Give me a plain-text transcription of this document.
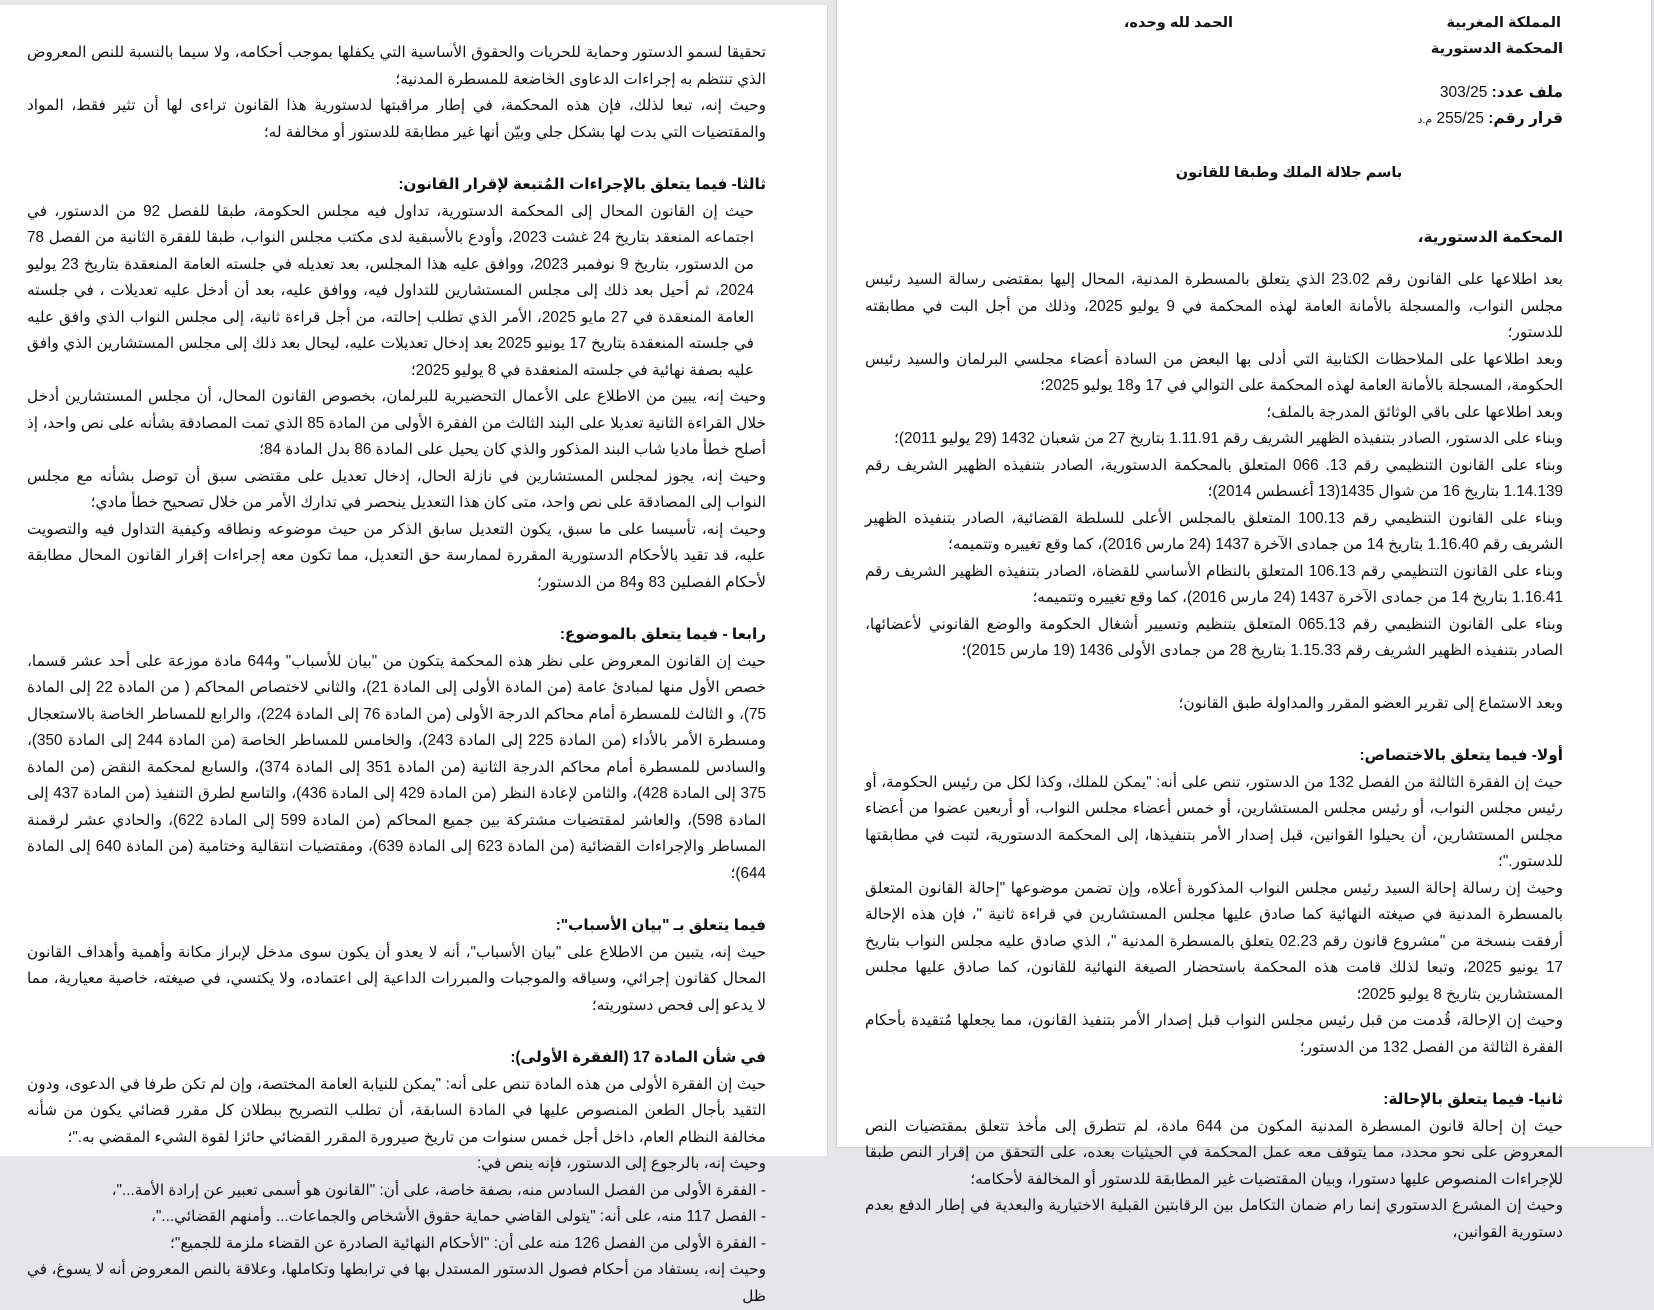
تحقيقا لسمو الدستور وحماية للحريات والحقوق الأساسية التي يكفلها بموجب أحكامه، ولا سيما بالنسبة للنص المعروض الذي تنتظم به إجراءات الدعاوى الخاضعة للمسطرة المدنية؛

وحيث إنه، تبعا لذلك، فإن هذه المحكمة، في إطار مراقبتها لدستورية هذا القانون تراءى لها أن تثير فقط، المواد والمقتضيات التي بدت لها بشكل جلي وبيّن أنها غير مطابقة للدستور أو مخالفة له؛

ثالثا- فيما يتعلق بالإجراءات المُتبعة لإقرار القانون:

حيث إن القانون المحال إلى المحكمة الدستورية، تداول فيه مجلس الحكومة، طبقا للفصل 92 من الدستور، في اجتماعه المنعقد بتاريخ 24 غشت 2023، وأودع بالأسبقية لدى مكتب مجلس النواب، طبقا للفقرة الثانية من الفصل 78 من الدستور، بتاريخ 9 نوفمبر 2023، ووافق عليه هذا المجلس، بعد تعديله في جلسته العامة المنعقدة بتاريخ 23 يوليو 2024، ثم أحيل بعد ذلك إلى مجلس المستشارين للتداول فيه، ووافق عليه، بعد أن أدخل عليه تعديلات ، في جلسته العامة المنعقدة في 27 مايو 2025، الأمر الذي تطلب إحالته، من أجل قراءة ثانية، إلى مجلس النواب الذي وافق عليه في جلسته المنعقدة بتاريخ 17 يونيو 2025 بعد إدخال تعديلات عليه، ليحال بعد ذلك إلى مجلس المستشارين الذي وافق عليه بصفة نهائية في جلسته المنعقدة في 8 يوليو 2025؛

وحيث إنه، يبين من الاطلاع على الأعمال التحضيرية للبرلمان، بخصوص القانون المحال، أن مجلس المستشارين أدخل خلال القراءة الثانية تعديلا على البند الثالث من الفقرة الأولى من المادة 85 الذي تمت المصادقة بشأنه على نص واحد، إذ أصلح خطأ ماديا شاب البند المذكور والذي كان يحيل على المادة 86 بدل المادة 84؛

وحيث إنه، يجوز لمجلس المستشارين في نازلة الحال، إدخال تعديل على مقتضى سبق أن توصل بشأنه مع مجلس النواب إلى المصادقة على نص واحد، متى كان هذا التعديل ينحصر في تدارك الأمر من خلال تصحيح خطأ مادي؛

وحيث إنه، تأسيسا على ما سبق، يكون التعديل سابق الذكر من حيث موضوعه ونطاقه وكيفية التداول فيه والتصويت عليه، قد تقيد بالأحكام الدستورية المقررة لممارسة حق التعديل، مما تكون معه إجراءات إقرار القانون المحال مطابقة لأحكام الفصلين 83 و84 من الدستور؛

رابعا - فيما يتعلق بالموضوع:

حيث إن القانون المعروض على نظر هذه المحكمة يتكون من "بيان للأسباب" و644 مادة موزعة على أحد عشر قسما، خصص الأول منها لمبادئ عامة (من المادة الأولى إلى المادة 21)، والثاني لاختصاص المحاكم ( من المادة 22 إلى المادة 75)، و الثالث للمسطرة أمام محاكم الدرجة الأولى (من المادة 76 إلى المادة 224)، والرابع للمساطر الخاصة بالاستعجال ومسطرة الأمر بالأداء (من المادة 225 إلى المادة 243)، والخامس للمساطر الخاصة (من المادة 244 إلى المادة 350)، والسادس للمسطرة أمام محاكم الدرجة الثانية (من المادة 351 إلى المادة 374)، والسابع لمحكمة النقض (من المادة 375 إلى المادة 428)، والثامن لإعادة النظر (من المادة 429 إلى المادة 436)، والتاسع لطرق التنفيذ (من المادة 437 إلى المادة 598)، والعاشر لمقتضيات مشتركة بين جميع المحاكم (من المادة 599 إلى المادة 622)، والحادي عشر لرقمنة المساطر والإجراءات القضائية (من المادة 623 إلى المادة 639)، ومقتضيات انتقالية وختامية (من المادة 640 إلى المادة 644)؛

فيما يتعلق بـ "بيان الأسباب":

حيث إنه، يتبين من الاطلاع على "بيان الأسباب"، أنه لا يعدو أن يكون سوى مدخل لإبراز مكانة وأهمية وأهداف القانون المحال كقانون إجرائي، وسياقه والموجبات والمبررات الداعية إلى اعتماده، ولا يكتسي، في صيغته، خاصية معيارية، مما لا يدعو إلى فحص دستوريته؛

في شأن المادة 17 (الفقرة الأولى):

حيث إن الفقرة الأولى من هذه المادة تنص على أنه: "يمكن للنيابة العامة المختصة، وإن لم تكن طرفا في الدعوى، ودون التقيد بأجال الطعن المنصوص عليها في المادة السابقة، أن تطلب التصريح ببطلان كل مقرر قضائي يكون من شأنه مخالفة النظام العام، داخل أجل خمس سنوات من تاريخ صيرورة المقرر القضائي حائزا لقوة الشيء المقضي به."؛

وحيث إنه، بالرجوع إلى الدستور، فإنه ينص في:

- الفقرة الأولى من الفصل السادس منه، بصفة خاصة، على أن: "القانون هو أسمى تعبير عن إرادة الأمة..."،

- الفصل 117 منه، على أنه: "يتولى القاضي حماية حقوق الأشخاص والجماعات... وأمنهم القضائي..."،

- الفقرة الأولى من الفصل 126 منه على أن: "الأحكام النهائية الصادرة عن القضاء ملزمة للجميع"؛

وحيث إنه، يستفاد من أحكام فصول الدستور المستدل بها في ترابطها وتكاملها، وعلاقة بالنص المعروض أنه لا يسوغ، في ظل

المملكة المغربية
المحكمة الدستورية
الحمد لله وحده،
ملف عدد: 303/25
قرار رقم: 255/25 م.د

باسم جلالة الملك وطبقا للقانون

المحكمة الدستورية،

بعد اطلاعها على القانون رقم 23.02 الذي يتعلق بالمسطرة المدنية، المحال إليها بمقتضى رسالة السيد رئيس مجلس النواب، والمسجلة بالأمانة العامة لهذه المحكمة في 9 يوليو 2025، وذلك من أجل البت في مطابقته للدستور؛

وبعد اطلاعها على الملاحظات الكتابية التي أدلى بها البعض من السادة أعضاء مجلسي البرلمان والسيد رئيس الحكومة، المسجلة بالأمانة العامة لهذه المحكمة على التوالي في 17 و18 يوليو 2025؛

وبعد اطلاعها على باقي الوثائق المدرجة بالملف؛

وبناء على الدستور، الصادر بتنفيذه الظهير الشريف رقم 1.11.91 بتاريخ 27 من شعبان 1432 (29 يوليو 2011)؛

وبناء على القانون التنظيمي رقم 13. 066 المتعلق بالمحكمة الدستورية، الصادر بتنفيذه الظهير الشريف رقم 1.14.139 بتاريخ 16 من شوال 1435(13 أغسطس 2014)؛

وبناء على القانون التنظيمي رقم 100.13 المتعلق بالمجلس الأعلى للسلطة القضائية، الصادر بتنفيذه الظهير الشريف رقم 1.16.40 بتاريخ 14 من جمادى الآخرة 1437 (24 مارس 2016)، كما وقع تغييره وتتميمه؛

وبناء على القانون التنظيمي رقم 106.13 المتعلق بالنظام الأساسي للقضاة، الصادر بتنفيذه الظهير الشريف رقم 1.16.41 بتاريخ 14 من جمادى الآخرة 1437 (24 مارس 2016)، كما وقع تغييره وتتميمه؛

وبناء على القانون التنظيمي رقم 065.13 المتعلق بتنظيم وتسيير أشغال الحكومة والوضع القانوني لأعضائها، الصادر بتنفيذه الظهير الشريف رقم 1.15.33 بتاريخ 28 من جمادى الأولى 1436 (19 مارس 2015)؛

وبعد الاستماع إلى تقرير العضو المقرر والمداولة طبق القانون؛

أولا- فيما يتعلق بالاختصاص:

حيث إن الفقرة الثالثة من الفصل 132 من الدستور، تنص على أنه: "يمكن للملك، وكذا لكل من رئيس الحكومة، أو رئيس مجلس النواب، أو رئيس مجلس المستشارين، أو خمس أعضاء مجلس النواب، أو أربعين عضوا من أعضاء مجلس المستشارين، أن يحيلوا القوانين، قبل إصدار الأمر بتنفيذها، إلى المحكمة الدستورية، لتبت في مطابقتها للدستور."؛

وحيث إن رسالة إحالة السيد رئيس مجلس النواب المذكورة أعلاه، وإن تضمن موضوعها "إحالة القانون المتعلق بالمسطرة المدنية في صيغته النهائية كما صادق عليها مجلس المستشارين في قراءة ثانية "، فإن هذه الإحالة أرفقت بنسخة من "مشروع قانون رقم 02.23 يتعلق بالمسطرة المدنية "، الذي صادق عليه مجلس النواب بتاريخ 17 يونيو 2025، وتبعا لذلك قامت هذه المحكمة باستحضار الصيغة النهائية للقانون، كما صادق عليها مجلس المستشارين بتاريخ 8 يوليو 2025؛

وحيث إن الإحالة، قُدمت من قبل رئيس مجلس النواب قبل إصدار الأمر بتنفيذ القانون، مما يجعلها مُتقيدة بأحكام الفقرة الثالثة من الفصل 132 من الدستور؛

ثانيا- فيما يتعلق بالإحالة:

حيث إن إحالة قانون المسطرة المدنية المكون من 644 مادة، لم تتطرق إلى مأخذ تتعلق بمقتضيات النص المعروض على نحو محدد، مما يتوقف معه عمل المحكمة في الحيثيات بعده، على التحقق من إقرار النص طبقا للإجراءات المنصوص عليها دستورا، وبيان المقتضيات غير المطابقة للدستور أو المخالفة لأحكامه؛

وحيث إن المشرع الدستوري إنما رام ضمان التكامل بين الرقابتين القبلية الاختيارية والبعدية في إطار الدفع بعدم دستورية القوانين،
